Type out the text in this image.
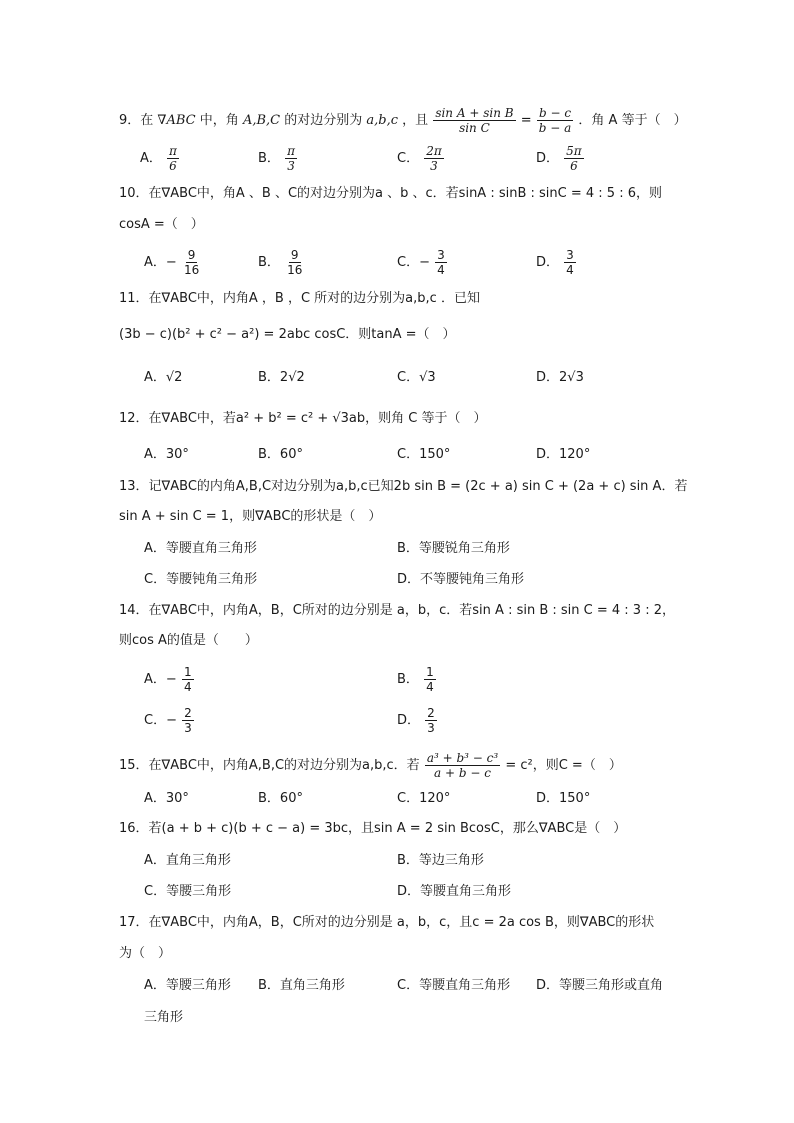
9．在 ∇ABC 中，角 A,B,C 的对边分别为 a,b,c ，且 $\frac{\text{sin A + sin B}}{\text{sin C}} = \frac{b - c}{b - a}$ ．角 A 等于（　）
A． $\frac{\pi}{6}$	B． $\frac{\pi}{3}$	C． $\frac{2\pi}{3}$	D． $\frac{5\pi}{6}$
10．在∇ABC中，角A 、B 、C的对边分别为a 、b 、c．若sinA : sinB : sinC = 4 : 5 : 6，则
cosA =（　）
A．− $\frac{9}{16}$	B． $\frac{9}{16}$	C．− $\frac{3}{4}$	D． $\frac{3}{4}$
11．在∇ABC中，内角A ，B ，C 所对的边分别为a,b,c ．已知
(3b − c)(b² + c² − a²) = 2abc cosC．则tanA =（　）
A．√2	B．2√2	C．√3	D．2√3
12．在∇ABC中，若a² + b² = c² + √3ab，则角 C 等于（　）
A．30°	B．60°	C．150°	D．120°
13．记∇ABC的内角A,B,C对边分别为a,b,c已知2b sin B = (2c + a) sin C + (2a + c) sin A．若
sin A + sin C = 1，则∇ABC的形状是（　）
A．等腰直角三角形	B．等腰锐角三角形
C．等腰钝角三角形	D．不等腰钝角三角形
14．在∇ABC中，内角A，B，C所对的边分别是 a，b，c．若sin A : sin B : sin C = 4 : 3 : 2，
则cos A的值是（　　）
A．− $\frac{1}{4}$	B． $\frac{1}{4}$
C．− $\frac{2}{3}$	D． $\frac{2}{3}$
15．在∇ABC中，内角A,B,C的对边分别为a,b,c．若 $\frac{\text{a³ + b³ − c³}}{a + b - c} = c^2$，则C =（　）
A．30°	B．60°	C．120°	D．150°
16．若(a + b + c)(b + c − a) = 3bc，且sin A = 2 sin BcosC，那么∇ABC是（　）
A．直角三角形	B．等边三角形
C．等腰三角形	D．等腰直角三角形
17．在∇ABC中，内角A，B，C所对的边分别是 a，b，c，且c = 2a cos B，则∇ABC的形状
为（　）
A．等腰三角形 B．直角三角形	C．等腰直角三角形 D．等腰三角形或直角
三角形
